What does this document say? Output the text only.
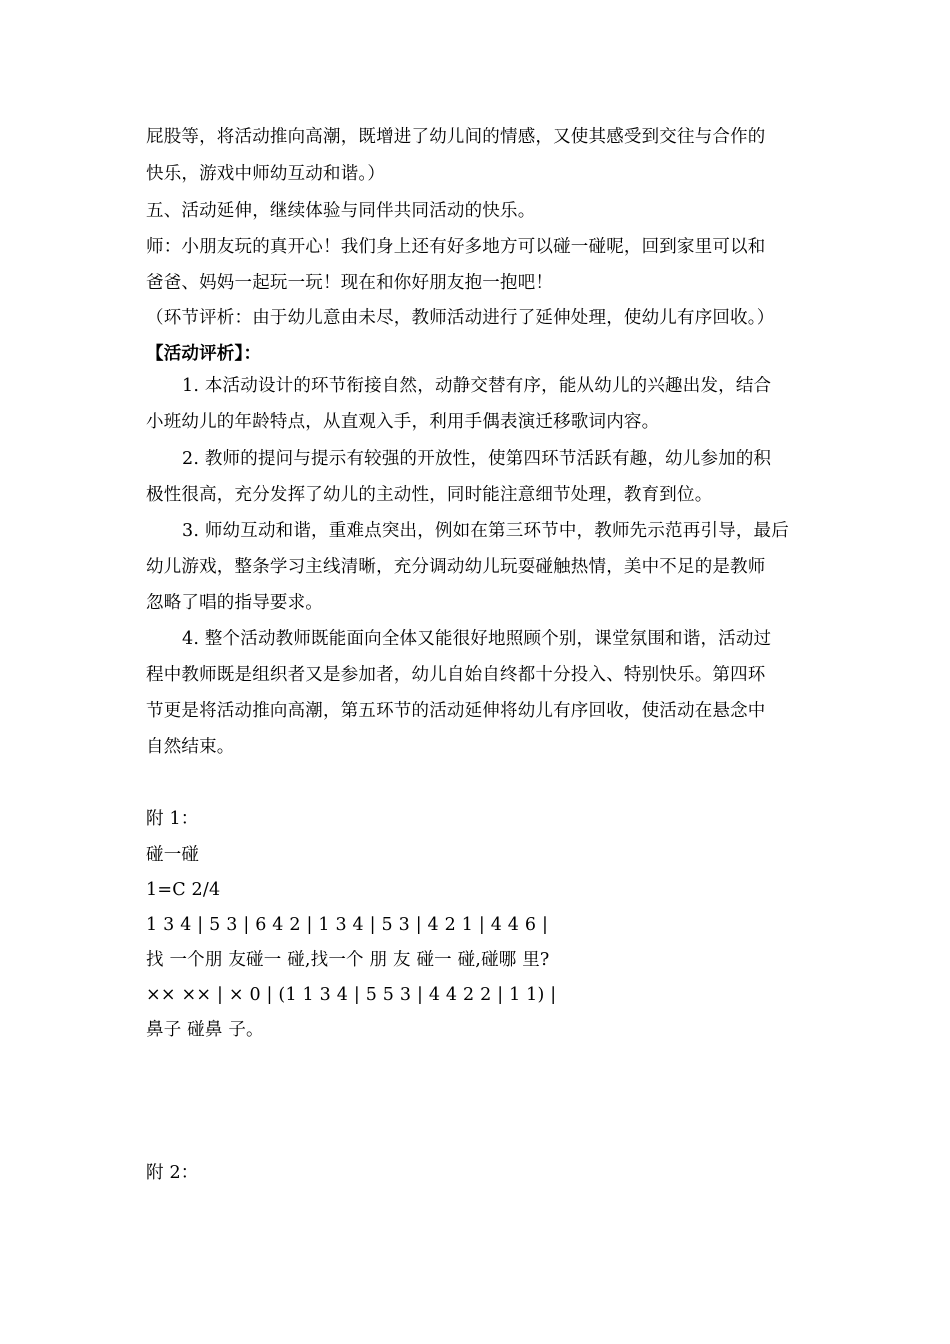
屁股等，将活动推向高潮，既增进了幼儿间的情感，又使其感受到交往与合作的
快乐，游戏中师幼互动和谐。）
五、活动延伸，继续体验与同伴共同活动的快乐。
师：小朋友玩的真开心！我们身上还有好多地方可以碰一碰呢，回到家里可以和
爸爸、妈妈一起玩一玩！现在和你好朋友抱一抱吧！
（环节评析：由于幼儿意由未尽，教师活动进行了延伸处理，使幼儿有序回收。）
【活动评析】：
1. 本活动设计的环节衔接自然，动静交替有序，能从幼儿的兴趣出发，结合
小班幼儿的年龄特点，从直观入手，利用手偶表演迁移歌词内容。
2. 教师的提问与提示有较强的开放性，使第四环节活跃有趣，幼儿参加的积
极性很高，充分发挥了幼儿的主动性，同时能注意细节处理，教育到位。
3. 师幼互动和谐，重难点突出，例如在第三环节中，教师先示范再引导，最后
幼儿游戏，整条学习主线清晰，充分调动幼儿玩耍碰触热情，美中不足的是教师
忽略了唱的指导要求。
4. 整个活动教师既能面向全体又能很好地照顾个别，课堂氛围和谐，活动过
程中教师既是组织者又是参加者，幼儿自始自终都十分投入、特别快乐。第四环
节更是将活动推向高潮，第五环节的活动延伸将幼儿有序回收，使活动在悬念中
自然结束。
附 1：
碰一碰
1=C 2/4
1 3 4 | 5 3 | 6 4 2 | 1 3 4 | 5 3 | 4 2 1 | 4 4 6 |
找 一个朋 友碰一 碰,找一个 朋 友 碰一 碰,碰哪 里?
×× ×× | × 0 | (1 1 3 4 | 5 5 3 | 4 4 2 2 | 1 1) |
鼻子 碰鼻 子。
附 2：
